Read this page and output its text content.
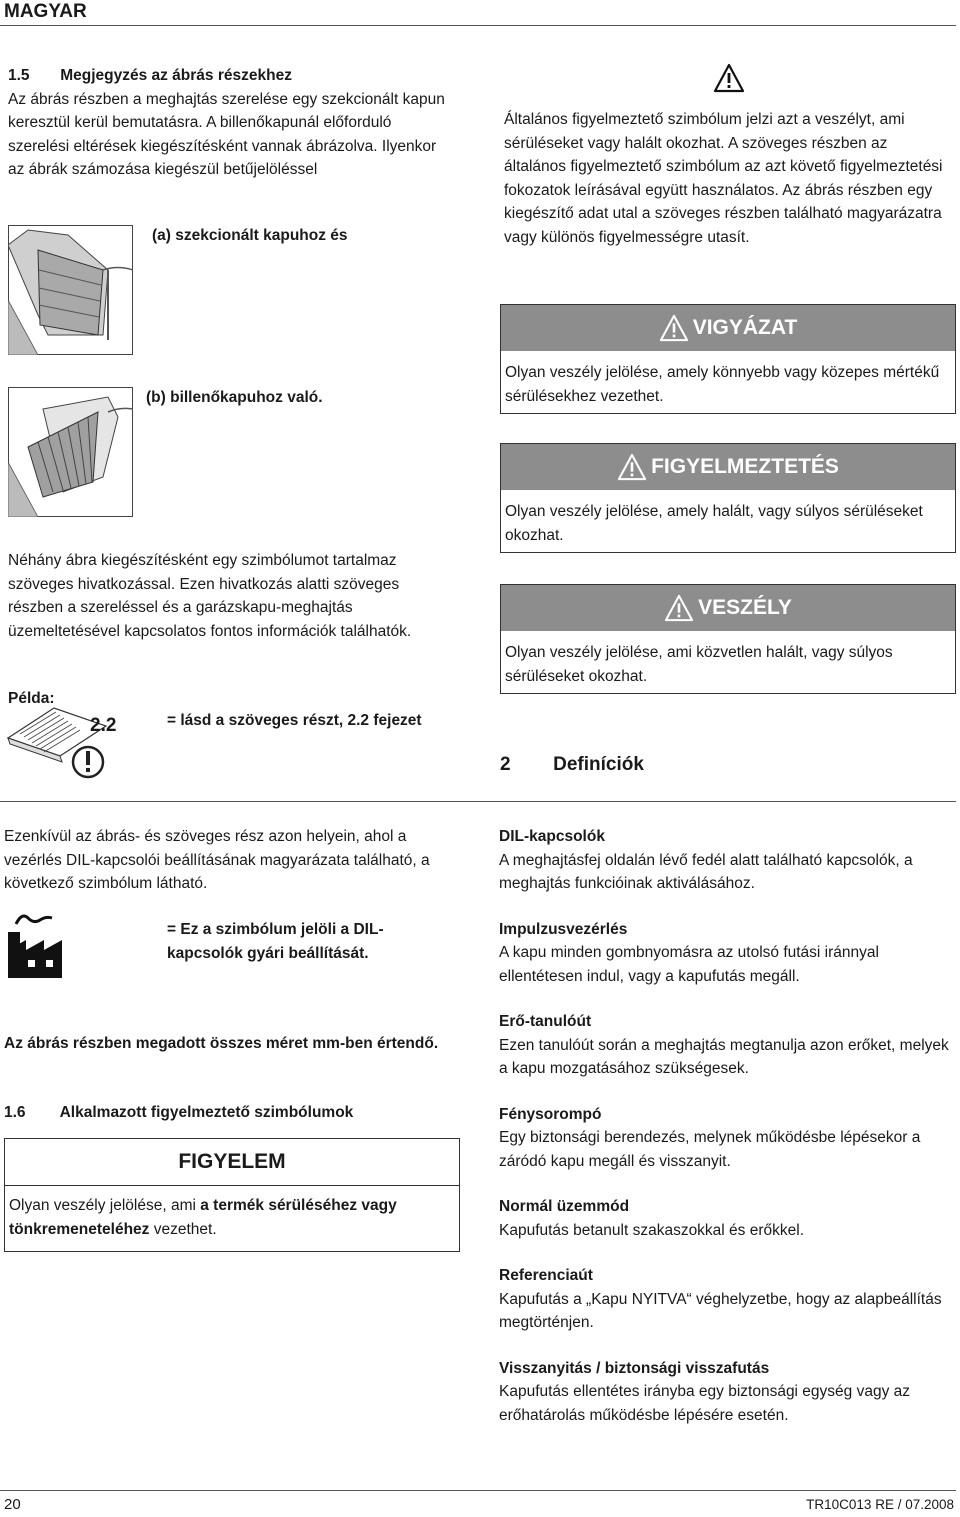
MAGYAR

1.5 Megjegyzés az ábrás részekhez

Az ábrás részben a meghajtás szerelése egy szekcionált kapun keresztül kerül bemutatásra. A billenőkapunál előforduló szerelési eltérések kiegészítésként vannak ábrázolva. Ilyenkor az ábrák számozása kiegészül betűjelöléssel

(a) szekcionált kapuhoz és
(b) billenőkapuhoz való.
Néhány ábra kiegészítésként egy szimbólumot tartalmaz szöveges hivatkozással. Ezen hivatkozás alatti szöveges részben a szereléssel és a garázskapu-meghajtás üzemeltetésével kapcsolatos fontos információk találhatók.
Példa:
2.2	= lásd a szöveges részt, 2.2 fejezet
Általános figyelmeztető szimbólum jelzi azt a veszélyt, ami sérüléseket vagy halált okozhat. A szöveges részben az általános figyelmeztető szimbólum az azt követő figyelmeztetési fokozatok leírásával együtt használatos. Az ábrás részben egy kiegészítő adat utal a szöveges részben található magyarázatra vagy különös figyelmességre utasít.
VIGYÁZAT
Olyan veszély jelölése, amely könnyebb vagy közepes mértékű sérülésekhez vezethet.
FIGYELMEZTETÉS
Olyan veszély jelölése, amely halált, vagy súlyos sérüléseket okozhat.
VESZÉLY
Olyan veszély jelölése, ami közvetlen halált, vagy súlyos sérüléseket okozhat.
2 Definíciók
Ezenkívül az ábrás- és szöveges rész azon helyein, ahol a vezérlés DIL-kapcsolói beállításának magyarázata található, a következő szimbólum látható.
= Ez a szimbólum jelöli a DIL-kapcsolók gyári beállítását.
Az ábrás részben megadott összes méret mm-ben értendő.
1.6 Alkalmazott figyelmeztető szimbólumok
FIGYELEM
Olyan veszély jelölése, ami a termék sérüléséhez vagy tönkremeneteléhez vezethet.

DIL-kapcsolók

A meghajtásfej oldalán lévő fedél alatt található kapcsolók, a meghajtás funkcióinak aktiválásához.

Impulzusvezérlés

A kapu minden gombnyomásra az utolsó futási iránnyal ellentétesen indul, vagy a kapufutás megáll.

Erő-tanulóút

Ezen tanulóút során a meghajtás megtanulja azon erőket, melyek a kapu mozgatásához szükségesek.

Fénysorompó

Egy biztonsági berendezés, melynek működésbe lépésekor a záródó kapu megáll és visszanyit.

Normál üzemmód

Kapufutás betanult szakaszokkal és erőkkel.

Referenciaút

Kapufutás a „Kapu NYITVA“ véghelyzetbe, hogy az alapbeállítás megtörténjen.

Visszanyitás / biztonsági visszafutás

Kapufutás ellentétes irányba egy biztonsági egység vagy az erőhatárolás működésbe lépésére esetén.

20	TR10C013 RE / 07.2008
